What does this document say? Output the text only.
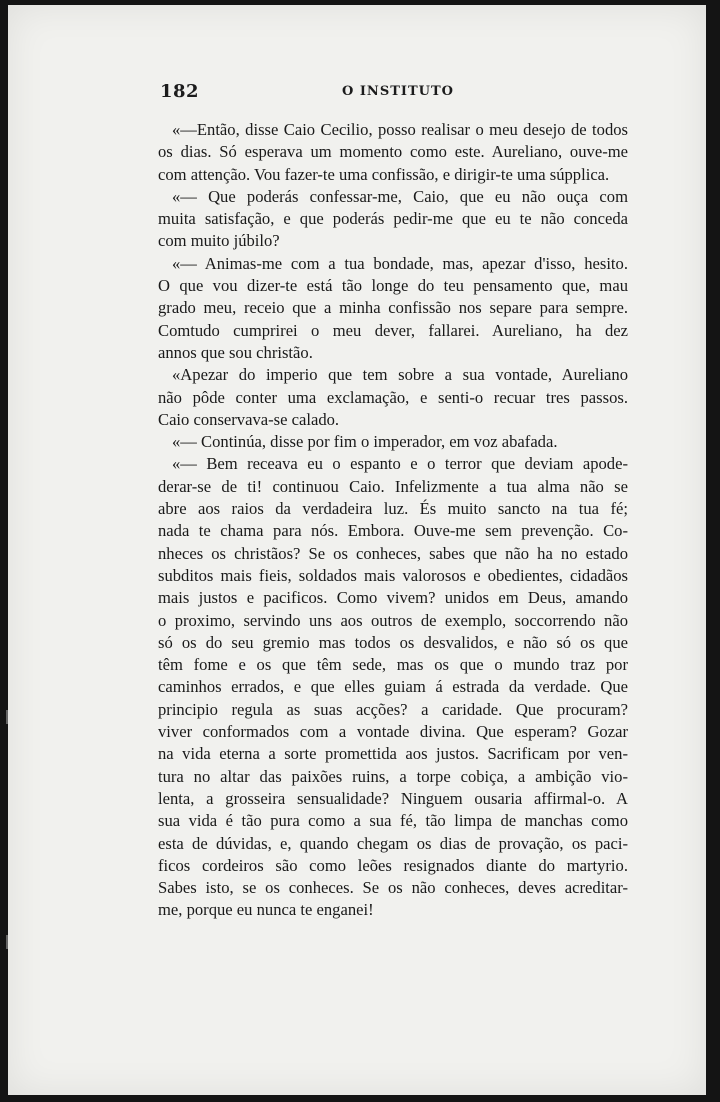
182	O INSTITUTO
«—Então, disse Caio Cecilio, posso realisar o meu desejo de todos
os dias. Só esperava um momento como este. Aureliano, ouve-me
com attenção. Vou fazer-te uma confissão, e dirigir-te uma súpplica.
«— Que poderás confessar-me, Caio, que eu não ouça com
muita satisfação, e que poderás pedir-me que eu te não conceda
com muito júbilo?
«— Animas-me com a tua bondade, mas, apezar d'isso, hesito.
O que vou dizer-te está tão longe do teu pensamento que, mau
grado meu, receio que a minha confissão nos separe para sempre.
Comtudo cumprirei o meu dever, fallarei. Aureliano, ha dez
annos que sou christão.
«Apezar do imperio que tem sobre a sua vontade, Aureliano
não pôde conter uma exclamação, e senti-o recuar tres passos.
Caio conservava-se calado.
«— Continúa, disse por fim o imperador, em voz abafada.
«— Bem receava eu o espanto e o terror que deviam apode-
derar-se de ti! continuou Caio. Infelizmente a tua alma não se
abre aos raios da verdadeira luz. És muito sancto na tua fé;
nada te chama para nós. Embora. Ouve-me sem prevenção. Co-
nheces os christãos? Se os conheces, sabes que não ha no estado
subditos mais fieis, soldados mais valorosos e obedientes, cidadãos
mais justos e pacificos. Como vivem? unidos em Deus, amando
o proximo, servindo uns aos outros de exemplo, soccorrendo não
só os do seu gremio mas todos os desvalidos, e não só os que
têm fome e os que têm sede, mas os que o mundo traz por
caminhos errados, e que elles guiam á estrada da verdade. Que
principio regula as suas acções? a caridade. Que procuram?
viver conformados com a vontade divina. Que esperam? Gozar
na vida eterna a sorte promettida aos justos. Sacrificam por ven-
tura no altar das paixões ruins, a torpe cobiça, a ambição vio-
lenta, a grosseira sensualidade? Ninguem ousaria affirmal-o. A
sua vida é tão pura como a sua fé, tão limpa de manchas como
esta de dúvidas, e, quando chegam os dias de provação, os paci-
ficos cordeiros são como leões resignados diante do martyrio.
Sabes isto, se os conheces. Se os não conheces, deves acreditar-
me, porque eu nunca te enganei!
